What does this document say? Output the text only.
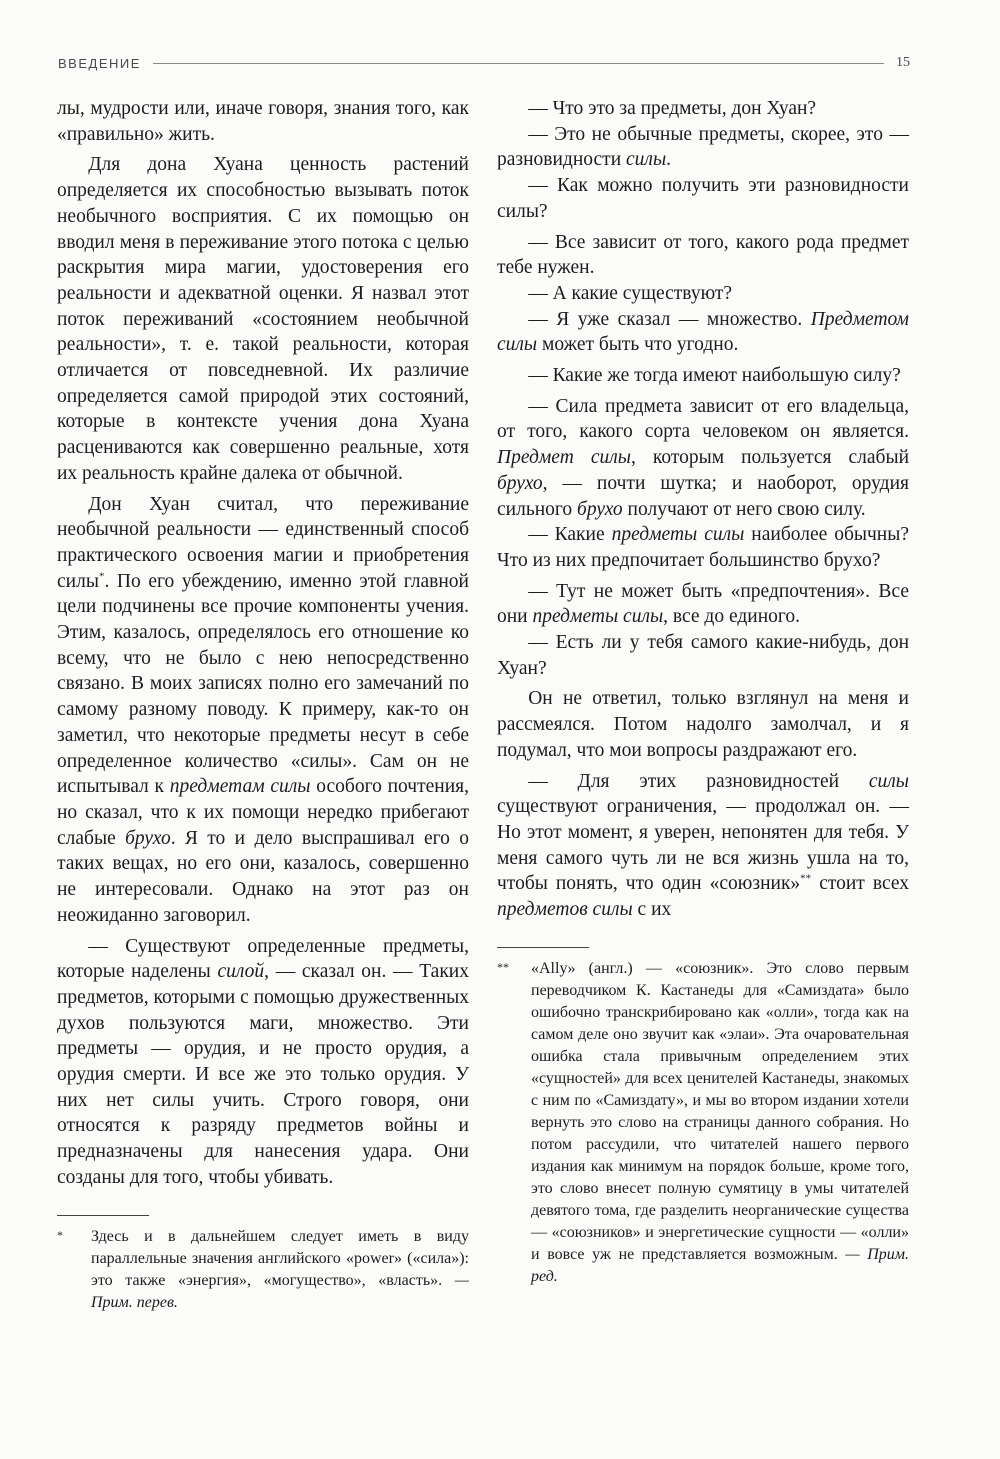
ВВЕДЕНИЕ	15

лы, мудрости или, иначе говоря, знания того, как «правильно» жить.

Для дона Хуана ценность растений определяется их способностью вызывать поток необычного восприятия. С их помощью он вводил меня в переживание этого потока с целью раскрытия мира магии, удостоверения его реальности и адекватной оценки. Я назвал этот поток переживаний «состоянием необычной реальности», т. е. такой реальности, которая отличается от повседневной. Их различие определяется самой природой этих состояний, которые в контексте учения дона Хуана расцениваются как совершенно реальные, хотя их реальность крайне далека от обычной.

Дон Хуан считал, что переживание необычной реальности — единственный способ практического освоения магии и приобретения силы*. По его убеждению, именно этой главной цели подчинены все прочие компоненты учения. Этим, казалось, определялось его отношение ко всему, что не было с нею непосредственно связано. В моих записях полно его замечаний по самому разному поводу. К примеру, как-то он заметил, что некоторые предметы несут в себе определенное количество «силы». Сам он не испытывал к предметам силы особого почтения, но сказал, что к их помощи нередко прибегают слабые брухо. Я то и дело выспрашивал его о таких вещах, но его они, казалось, совершенно не интересовали. Однако на этот раз он неожиданно заговорил.

— Существуют определенные предметы, которые наделены силой, — сказал он. — Таких предметов, которыми с помощью дружественных духов пользуются маги, множество. Эти предметы — орудия, и не просто орудия, а орудия смерти. И все же это только орудия. У них нет силы учить. Строго говоря, они относятся к разряду предметов войны и предназначены для нанесения удара. Они созданы для того, чтобы убивать.

* Здесь и в дальнейшем следует иметь в виду параллельные значения английского «power» («сила»): это также «энергия», «могущество», «власть». — Прим. перев.

— Что это за предметы, дон Хуан?

— Это не обычные предметы, скорее, это — разновидности силы.

— Как можно получить эти разновидности силы?

— Все зависит от того, какого рода предмет тебе нужен.

— А какие существуют?

— Я уже сказал — множество. Предметом силы может быть что угодно.

— Какие же тогда имеют наибольшую силу?

— Сила предмета зависит от его владельца, от того, какого сорта человеком он является. Предмет силы, которым пользуется слабый брухо, — почти шутка; и наоборот, орудия сильного брухо получают от него свою силу.

— Какие предметы силы наиболее обычны? Что из них предпочитает большинство брухо?

— Тут не может быть «предпочтения». Все они предметы силы, все до единого.

— Есть ли у тебя самого какие-нибудь, дон Хуан?

Он не ответил, только взглянул на меня и рассмеялся. Потом надолго замолчал, и я подумал, что мои вопросы раздражают его.

— Для этих разновидностей силы существуют ограничения, — продолжал он. — Но этот момент, я уверен, непонятен для тебя. У меня самого чуть ли не вся жизнь ушла на то, чтобы понять, что один «союзник»** стоит всех предметов силы с их

** «Ally» (англ.) — «союзник». Это слово первым переводчиком К. Кастанеды для «Самиздата» было ошибочно транскрибировано как «олли», тогда как на самом деле оно звучит как «элаи». Эта очаровательная ошибка стала привычным определением этих «сущностей» для всех ценителей Кастанеды, знакомых с ним по «Самиздату», и мы во втором издании хотели вернуть это слово на страницы данного собрания. Но потом рассудили, что читателей нашего первого издания как минимум на порядок больше, кроме того, это слово внесет полную сумятицу в умы читателей девятого тома, где разделить неорганические существа — «союзников» и энергетические сущности — «олли» и вовсе уж не представляется возможным. — Прим. ред.
